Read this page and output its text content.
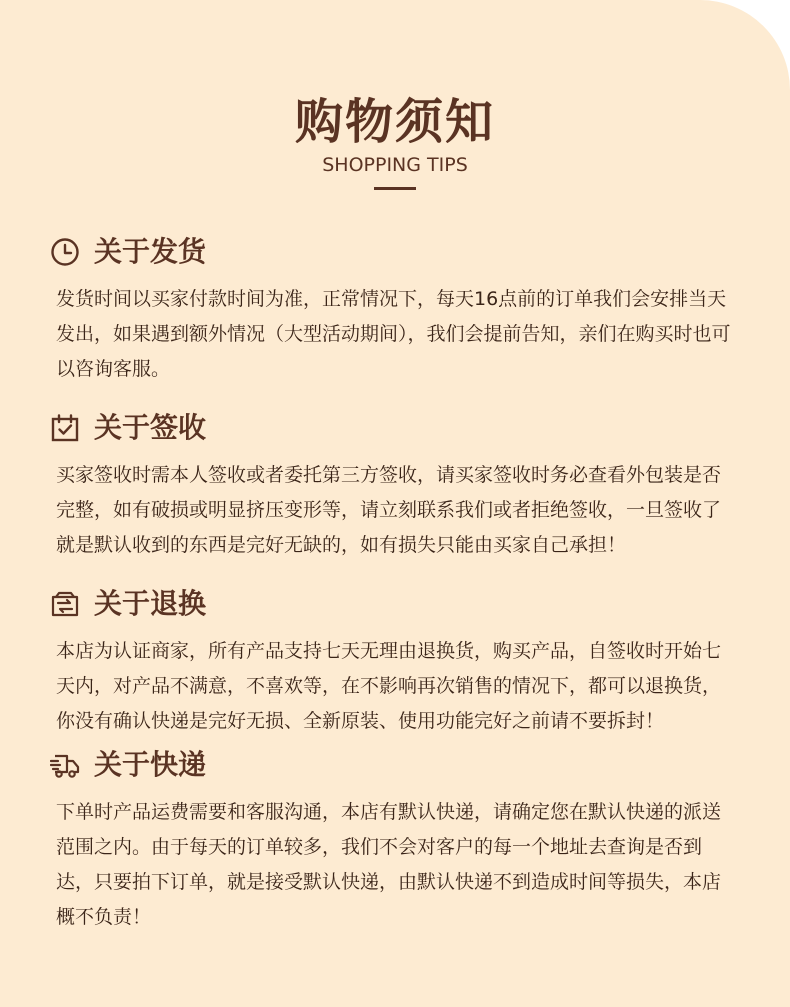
购物须知
SHOPPING TIPS
关于发货
发货时间以买家付款时间为准，正常情况下，每天16点前的订单我们会安排当天发出，如果遇到额外情况（大型活动期间），我们会提前告知，亲们在购买时也可以咨询客服。
关于签收
买家签收时需本人签收或者委托第三方签收，请买家签收时务必查看外包装是否完整，如有破损或明显挤压变形等，请立刻联系我们或者拒绝签收，一旦签收了就是默认收到的东西是完好无缺的，如有损失只能由买家自己承担！
关于退换
本店为认证商家，所有产品支持七天无理由退换货，购买产品，自签收时开始七天内，对产品不满意，不喜欢等，在不影响再次销售的情况下，都可以退换货，你没有确认快递是完好无损、全新原装、使用功能完好之前请不要拆封！
关于快递
下单时产品运费需要和客服沟通，本店有默认快递，请确定您在默认快递的派送范围之内。由于每天的订单较多，我们不会对客户的每一个地址去查询是否到达，只要拍下订单，就是接受默认快递，由默认快递不到造成时间等损失，本店概不负责！
